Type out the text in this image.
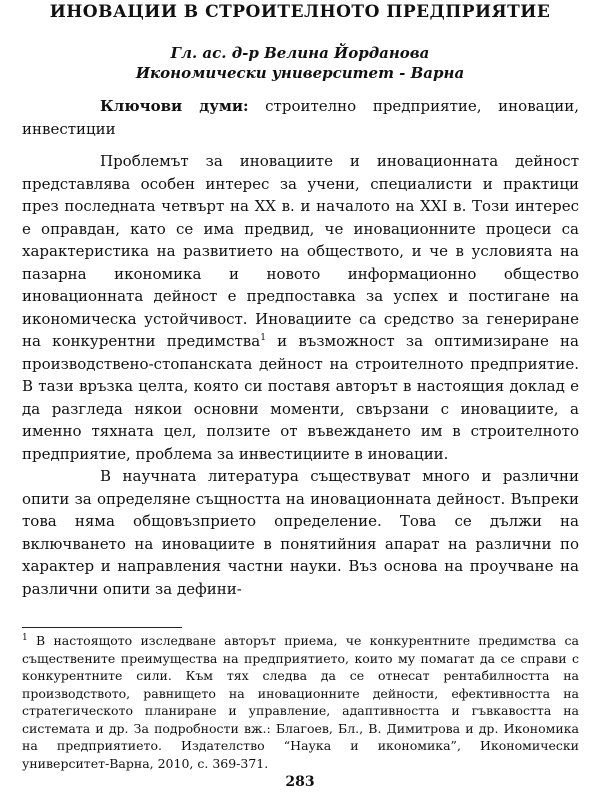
ИНОВАЦИИ В СТРОИТЕЛНОТО ПРЕДПРИЯТИЕ
Гл. ас. д-р Велина Йорданова
Икономически университет - Варна
Ключови думи: строително предприятие, иновации, инвестиции

Проблемът за иновациите и иновационната дейност представлява особен интерес за учени, специалисти и практици през последната четвърт на XX в. и началото на XXI в. Този интерес е оправдан, като се има предвид, че иновационните процеси са характеристика на развитието на обществото, и че в условията на пазарна икономика и новото информационно общество иновационната дейност е предпоставка за успех и постигане на икономическа устойчивост. Иновациите са средство за генериране на конкурентни предимства$^1$ и възможност за оптимизиране на производствено-стопанската дейност на строителното предприятие. В тази връзка целта, която си поставя авторът в настоящия доклад е да разгледа някои основни моменти, свързани с иновациите, а именно тяхната цел, ползите от въвеждането им в строителното предприятие, проблема за инвестициите в иновации.

В научната литература съществуват много и различни опити за определяне същността на иновационната дейност. Въпреки това няма общовъзприето определение. Това се дължи на включването на иновациите в понятийния апарат на различни по характер и направления частни науки. Въз основа на проучване на различни опити за дефини-

$^1$ В настоящото изследване авторът приема, че конкурентните предимства са съществените преимущества на предприятието, които му помагат да се справи с конкурентните сили. Към тях следва да се отнесат рентабилността на производството, равнището на иновационните дейности, ефективността на стратегическото планиране и управление, адаптивността и гъвкавостта на системата и др. За подробности вж.: Благоев, Бл., В. Димитрова и др. Икономика на предприятието. Издателство “Наука и икономика”, Икономически университет-Варна, 2010, с. 369-371.

283
